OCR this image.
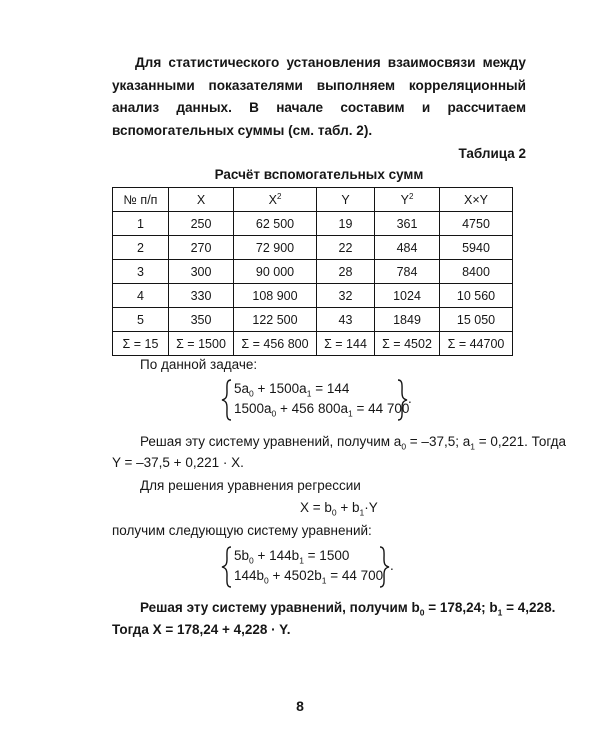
Для статистического установления взаимосвязи между указанными показателями выполняем корреляционный анализ данных. В начале составим и рассчитаем вспомогательных суммы (см. табл. 2).
Таблица 2
Расчёт вспомогательных сумм
№ п/п	X	$X^2$	Y	$Y^2$	X×Y
1	250	62 500	19	361	4750
2	270	72 900	22	484	5940
3	300	90 000	28	784	8400
4	330	108 900	32	1024	10 560
5	350	122 500	43	1849	15 050
Σ = 15	Σ = 1500	Σ = 456 800	Σ = 144	Σ = 4502	Σ = 44700
По данной задаче:
$5a_0 + 1500a_1 = 144$
$1500a_0 + 456$ $800a_1 = 44$ 700
.
Решая эту систему уравнений, получим $a_0 = -37,5$; $a_1 = 0,221$. Тогда
Y = –37,5 + 0,221 · X.
Для решения уравнения регрессии
$X = b_0 + b_1\cdot Y$
получим следующую систему уравнений:
$5b_0 + 144b_1 = 1500$
$144b_0 + 4502b_1 = 44$ 700
.
Решая эту систему уравнений, получим $b_0 = 178,24$; $b_1 = 4,228$.
Тогда X = 178,24 + 4,228 · Y.
8
